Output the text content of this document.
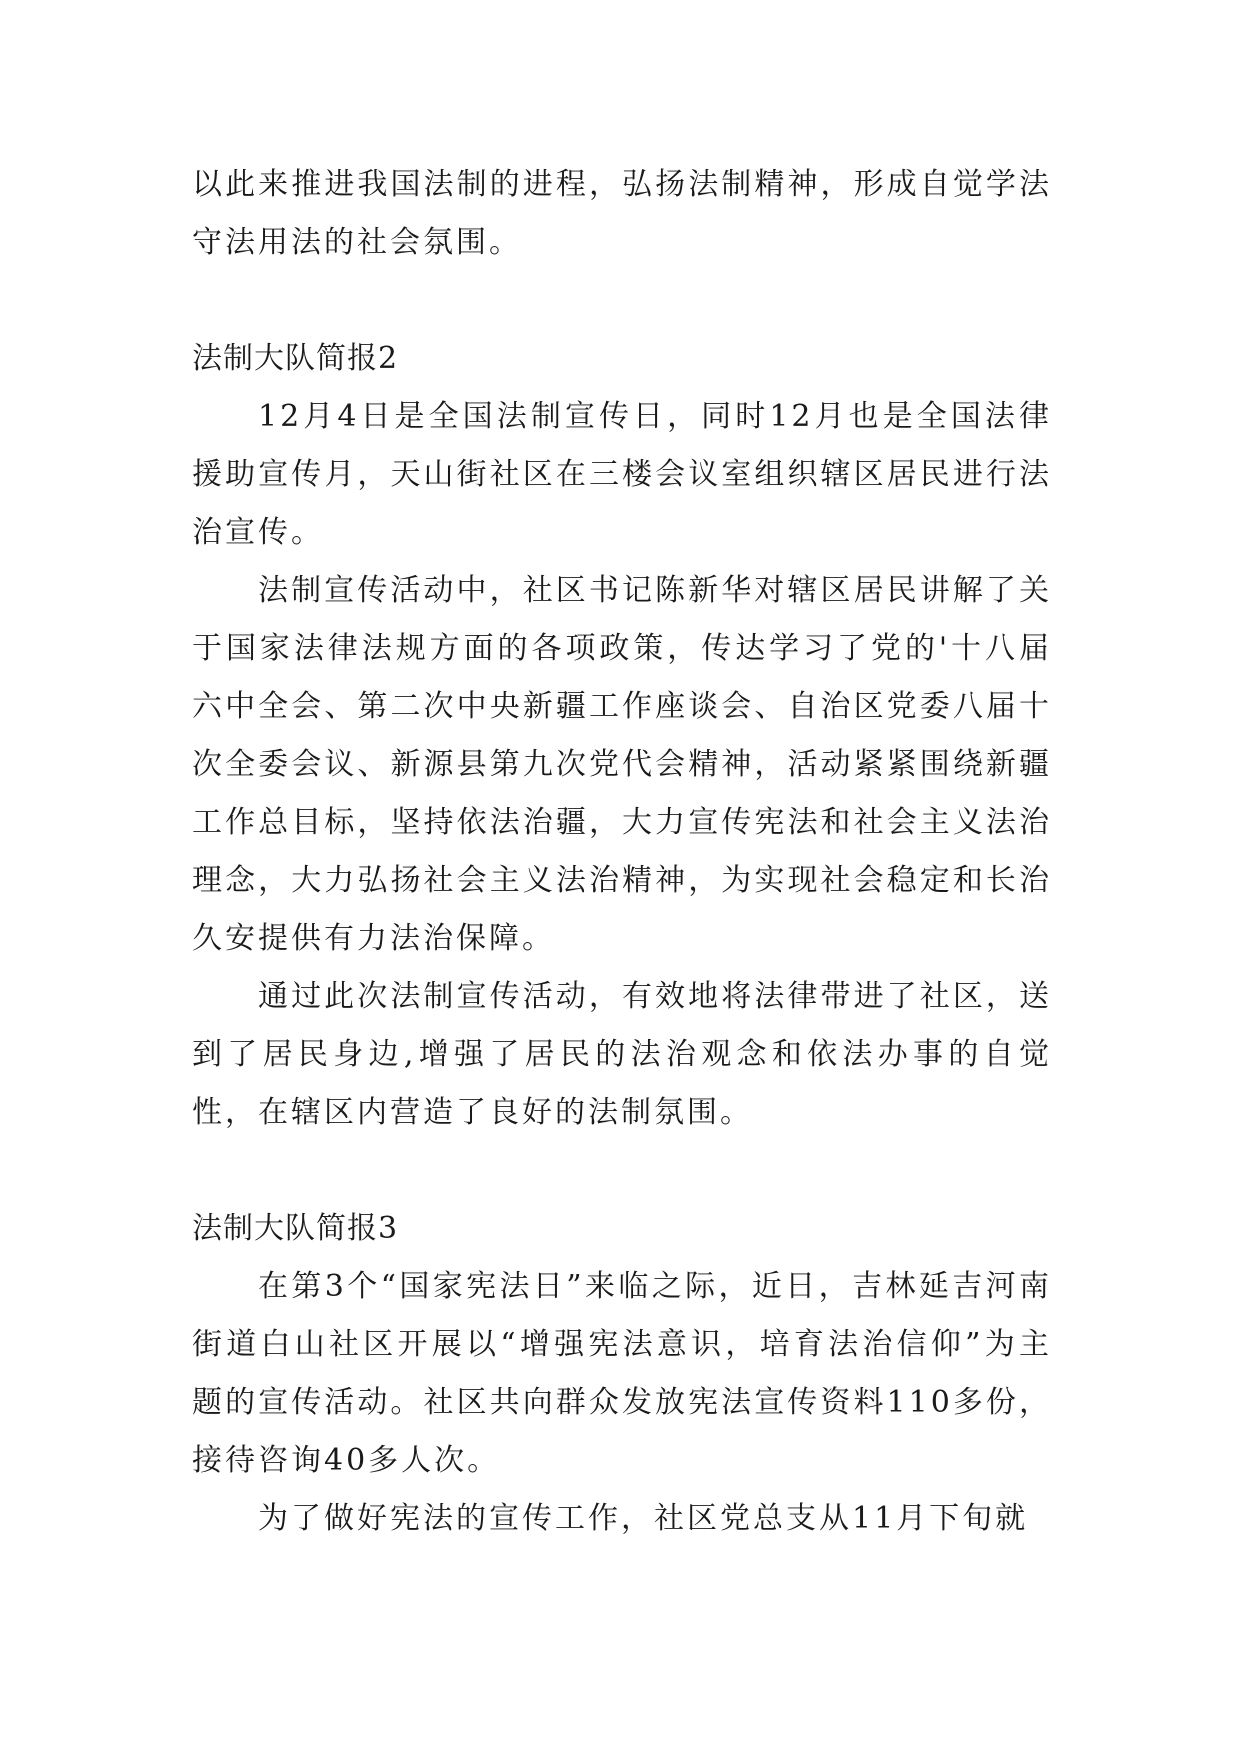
以此来推进我国法制的进程，弘扬法制精神，形成自觉学法守法用法的社会氛围。

法制大队简报2

12月4日是全国法制宣传日，同时12月也是全国法律援助宣传月，天山街社区在三楼会议室组织辖区居民进行法治宣传。

法制宣传活动中，社区书记陈新华对辖区居民讲解了关于国家法律法规方面的各项政策，传达学习了党的'十八届六中全会、第二次中央新疆工作座谈会、自治区党委八届十次全委会议、新源县第九次党代会精神，活动紧紧围绕新疆工作总目标，坚持依法治疆，大力宣传宪法和社会主义法治理念，大力弘扬社会主义法治精神，为实现社会稳定和长治久安提供有力法治保障。

通过此次法制宣传活动，有效地将法律带进了社区，送到了居民身边,增强了居民的法治观念和依法办事的自觉性，在辖区内营造了良好的法制氛围。

法制大队简报3

在第3个“国家宪法日”来临之际，近日，吉林延吉河南街道白山社区开展以“增强宪法意识，培育法治信仰”为主题的宣传活动。社区共向群众发放宪法宣传资料110多份，接待咨询40多人次。

为了做好宪法的宣传工作，社区党总支从11月下旬就
